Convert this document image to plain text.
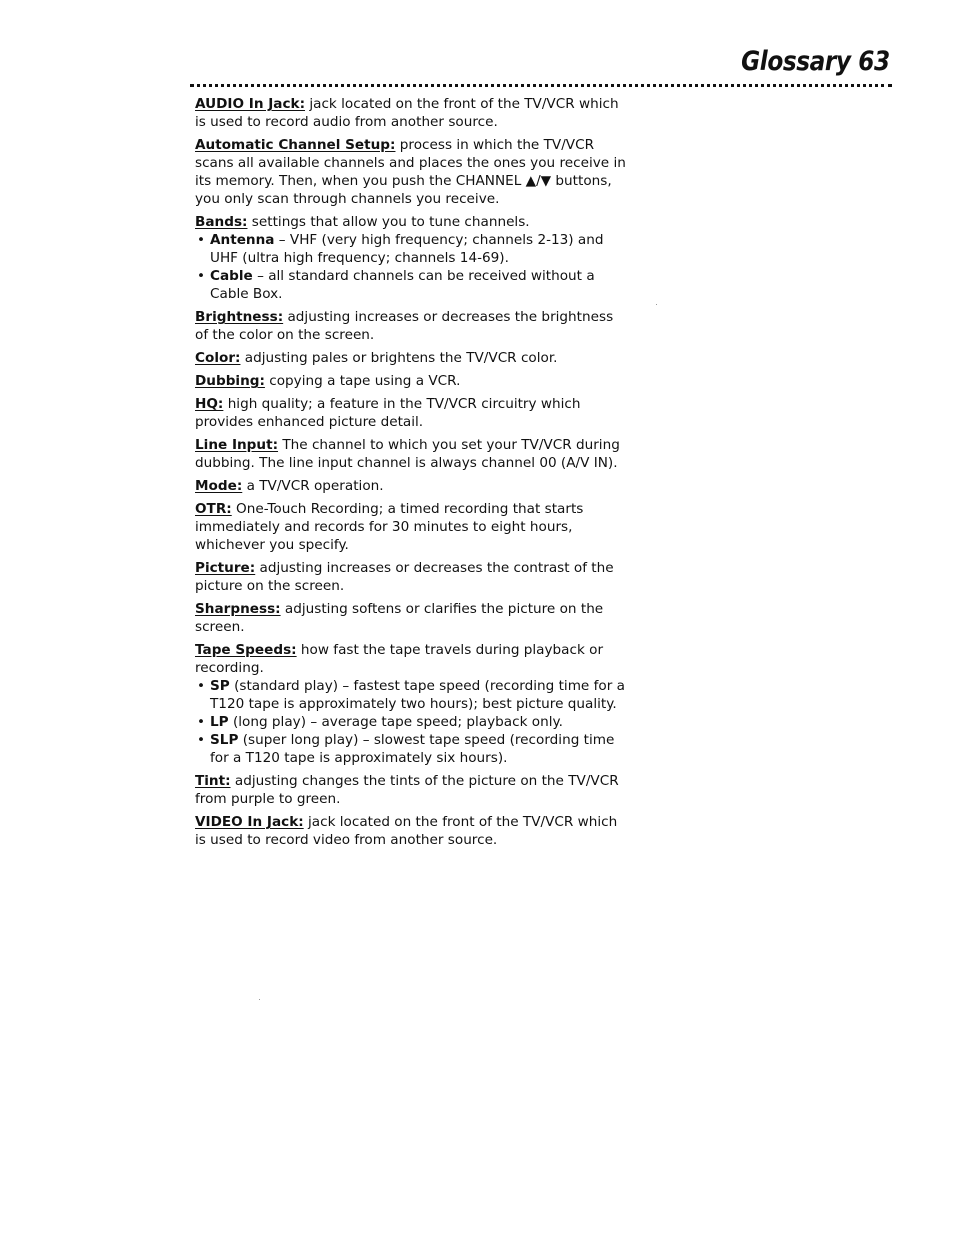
Glossary 63

AUDIO In Jack: jack located on the front of the TV/VCR which is used to record audio from another source.

Automatic Channel Setup: process in which the TV/VCR scans all available channels and places the ones you receive in its memory. Then, when you push the CHANNEL ▲/▼ buttons, you only scan through channels you receive.

Bands: settings that allow you to tune channels.

• Antenna – VHF (very high frequency; channels 2-13) and UHF (ultra high frequency; channels 14-69).
• Cable – all standard channels can be received without a Cable Box.

Brightness: adjusting increases or decreases the brightness of the color on the screen.

Color: adjusting pales or brightens the TV/VCR color.

Dubbing: copying a tape using a VCR.

HQ: high quality; a feature in the TV/VCR circuitry which provides enhanced picture detail.

Line Input: The channel to which you set your TV/VCR during dubbing. The line input channel is always channel 00 (A/V IN).

Mode: a TV/VCR operation.

OTR: One-Touch Recording; a timed recording that starts immediately and records for 30 minutes to eight hours, whichever you specify.

Picture: adjusting increases or decreases the contrast of the picture on the screen.

Sharpness: adjusting softens or clarifies the picture on the screen.

Tape Speeds: how fast the tape travels during playback or recording.

• SP (standard play) – fastest tape speed (recording time for a T120 tape is approximately two hours); best picture quality.
• LP (long play) – average tape speed; playback only.
• SLP (super long play) – slowest tape speed (recording time for a T120 tape is approximately six hours).

Tint: adjusting changes the tints of the picture on the TV/VCR from purple to green.

VIDEO In Jack: jack located on the front of the TV/VCR which is used to record video from another source.
